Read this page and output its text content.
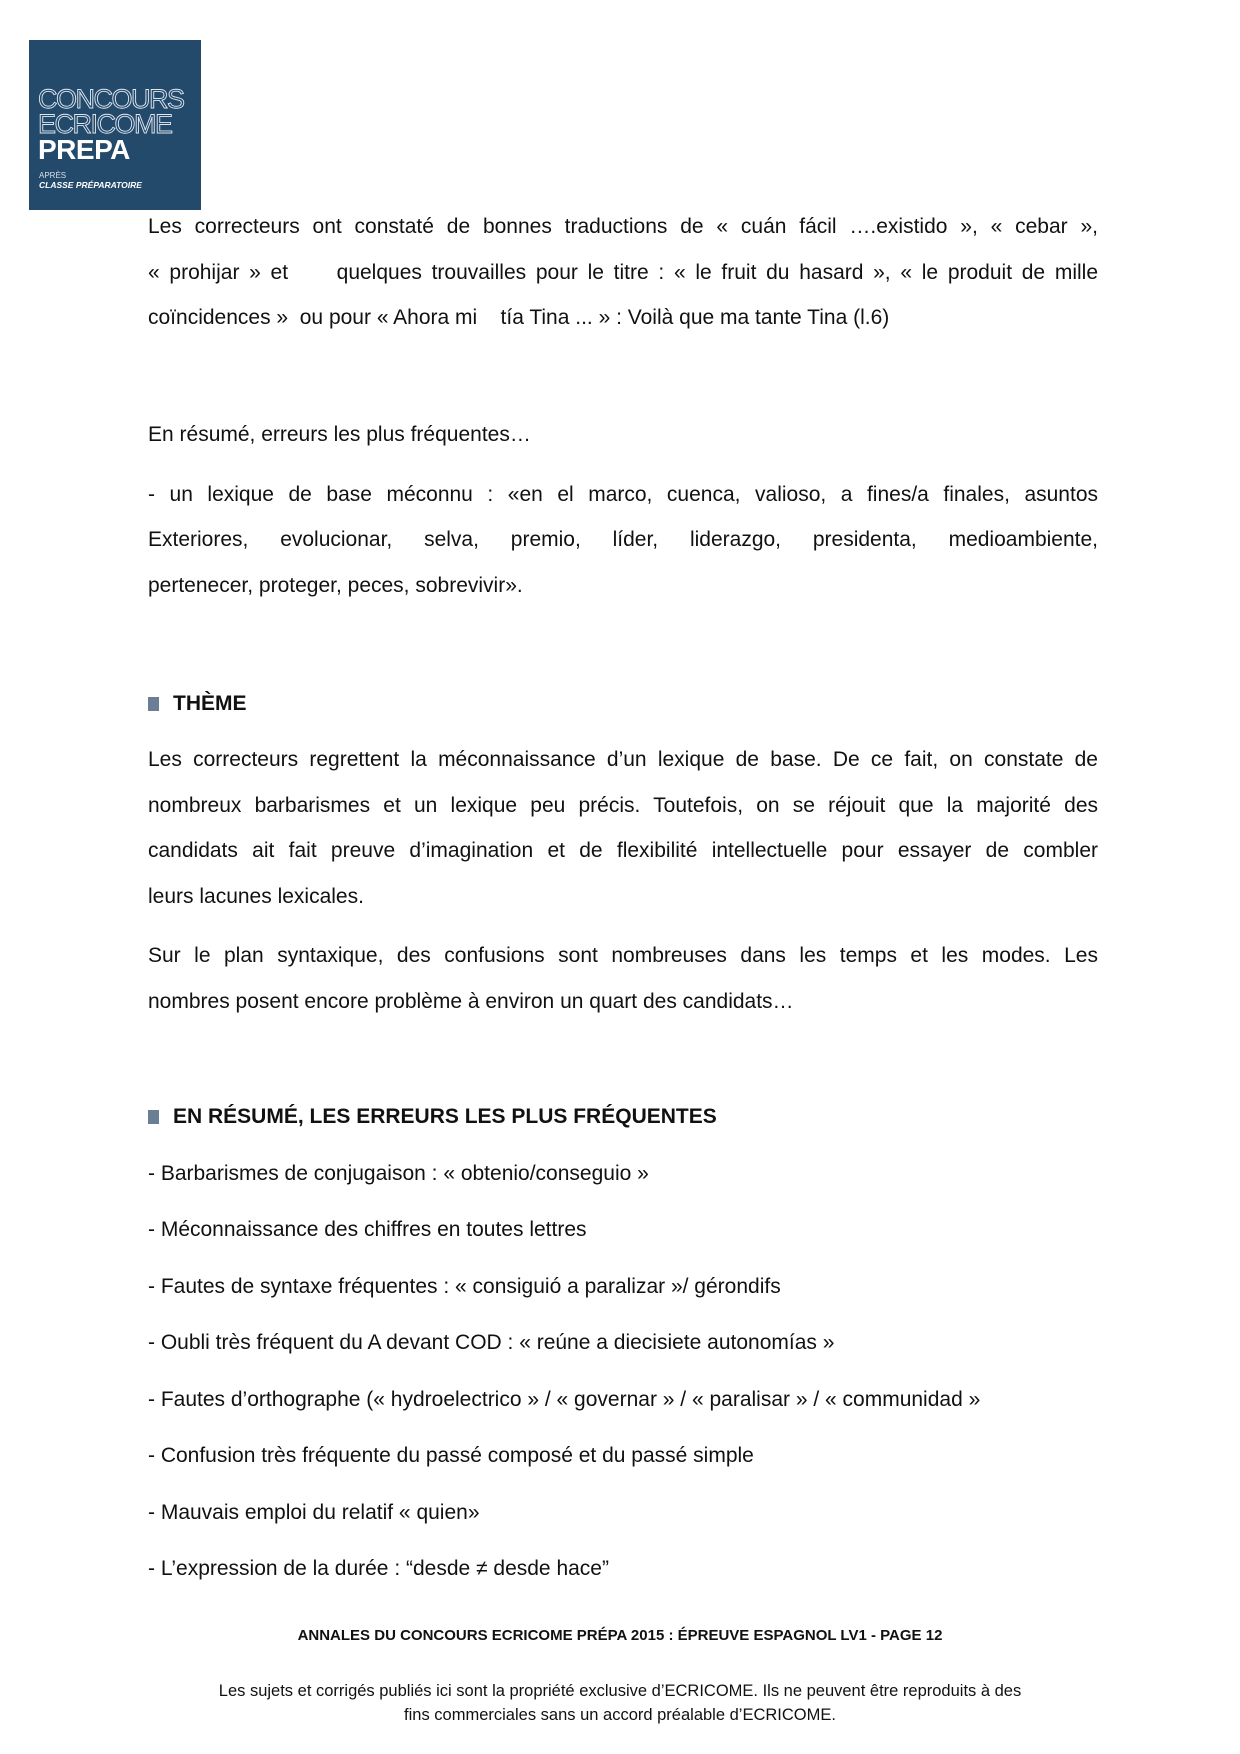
CONCOURS
ECRICOME
PREPA
APRÈS
CLASSE PRÉPARATOIRE
Les correcteurs ont constaté de bonnes traductions de « cuán fácil ….existido », « cebar »,
« prohijar » et     quelques trouvailles pour le titre : « le fruit du hasard », « le produit de mille
coïncidences »  ou pour « Ahora mi    tía Tina ... » : Voilà que ma tante Tina (l.6)
En résumé, erreurs les plus fréquentes…
- un lexique de base méconnu : «en el marco, cuenca, valioso, a fines/a finales, asuntos
Exteriores, evolucionar, selva, premio, líder, liderazgo, presidenta, medioambiente,
pertenecer, proteger, peces, sobrevivir».
THÈME
Les correcteurs regrettent la méconnaissance d’un lexique de base. De ce fait, on constate de
nombreux barbarismes et un lexique peu précis. Toutefois, on se réjouit que la majorité des
candidats ait fait preuve d’imagination et de flexibilité intellectuelle pour essayer de combler
leurs lacunes lexicales.
Sur le plan syntaxique, des confusions sont nombreuses dans les temps et les modes. Les
nombres posent encore problème à environ un quart des candidats…
EN RÉSUMÉ, LES ERREURS LES PLUS FRÉQUENTES
- Barbarismes de conjugaison : « obtenio/conseguio »
- Méconnaissance des chiffres en toutes lettres
- Fautes de syntaxe fréquentes : « consiguió a paralizar »/ gérondifs
- Oubli très fréquent du A devant COD : « reúne a diecisiete autonomías »
- Fautes d’orthographe (« hydroelectrico » / « governar » / « paralisar » / « communidad »
- Confusion très fréquente du passé composé et du passé simple
- Mauvais emploi du relatif « quien»
- L’expression de la durée : “desde ≠ desde hace”
ANNALES DU CONCOURS ECRICOME PRÉPA 2015 : ÉPREUVE ESPAGNOL LV1 - PAGE 12
Les sujets et corrigés publiés ici sont la propriété exclusive d’ECRICOME. Ils ne peuvent être reproduits à des
fins commerciales sans un accord préalable d’ECRICOME.
